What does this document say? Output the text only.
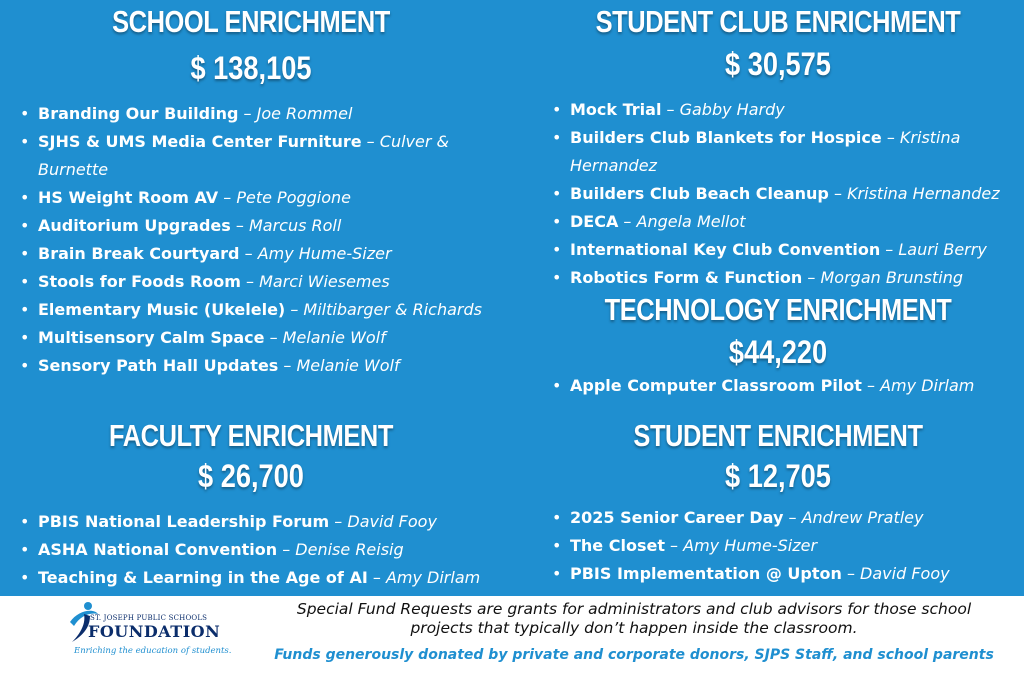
SCHOOL ENRICHMENT
$ 138,105
• Branding Our Building – Joe Rommel
• SJHS & UMS Media Center Furniture – Culver & Burnette
• HS Weight Room AV – Pete Poggione
• Auditorium Upgrades – Marcus Roll
• Brain Break Courtyard – Amy Hume-Sizer
• Stools for Foods Room – Marci Wiesemes
• Elementary Music (Ukelele) – Miltibarger & Richards
• Multisensory Calm Space – Melanie Wolf
• Sensory Path Hall Updates – Melanie Wolf
STUDENT CLUB ENRICHMENT
$ 30,575
• Mock Trial – Gabby Hardy
• Builders Club Blankets for Hospice – Kristina Hernandez
• Builders Club Beach Cleanup – Kristina Hernandez
• DECA – Angela Mellot
• International Key Club Convention – Lauri Berry
• Robotics Form & Function – Morgan Brunsting
TECHNOLOGY ENRICHMENT
$44,220
• Apple Computer Classroom Pilot – Amy Dirlam
FACULTY ENRICHMENT
$ 26,700
• PBIS National Leadership Forum – David Fooy
• ASHA National Convention – Denise Reisig
• Teaching & Learning in the Age of AI – Amy Dirlam
STUDENT ENRICHMENT
$ 12,705
• 2025 Senior Career Day – Andrew Pratley
• The Closet – Amy Hume-Sizer
• PBIS Implementation @ Upton – David Fooy
ST. JOSEPH PUBLIC SCHOOLS
FOUNDATION
Enriching the education of students.
Special Fund Requests are grants for administrators and club advisors for those school projects that typically don’t happen inside the classroom.
Funds generously donated by private and corporate donors, SJPS Staff, and school parents
